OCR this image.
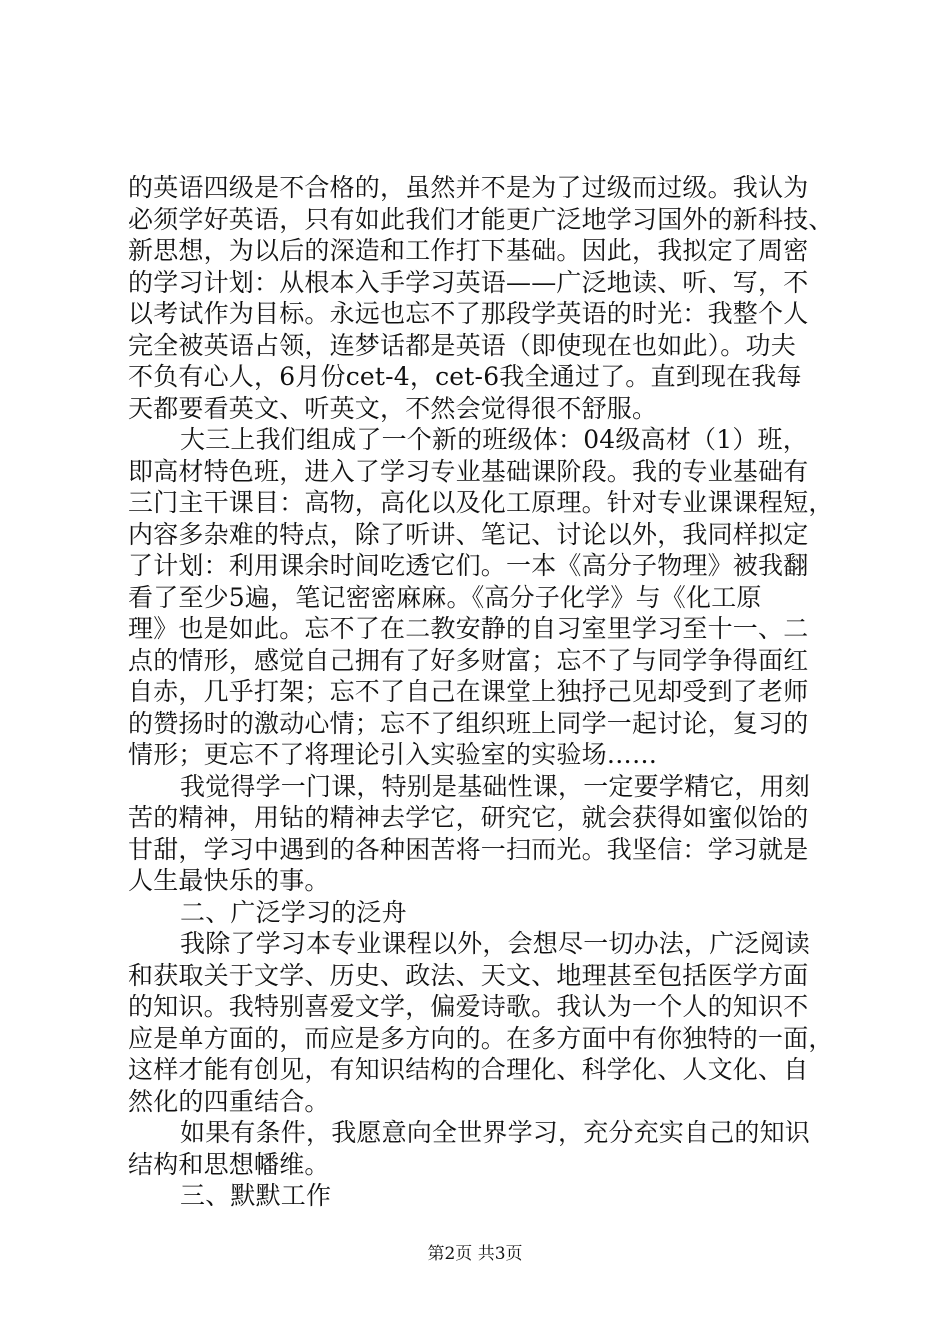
的英语四级是不合格的，虽然并不是为了过级而过级。我认为
必须学好英语，只有如此我们才能更广泛地学习国外的新科技、
新思想，为以后的深造和工作打下基础。因此，我拟定了周密
的学习计划：从根本入手学习英语——广泛地读、听、写，不
以考试作为目标。永远也忘不了那段学英语的时光：我整个人
完全被英语占领，连梦话都是英语（即使现在也如此）。功夫
不负有心人，6月份cet-4，cet-6我全通过了。直到现在我每
天都要看英文、听英文，不然会觉得很不舒服。
大三上我们组成了一个新的班级体：04级高材（1）班，
即高材特色班，进入了学习专业基础课阶段。我的专业基础有
三门主干课目：高物，高化以及化工原理。针对专业课课程短，
内容多杂难的特点，除了听讲、笔记、讨论以外，我同样拟定
了计划：利用课余时间吃透它们。一本《高分子物理》被我翻
看了至少5遍，笔记密密麻麻。《高分子化学》与《化工原
理》也是如此。忘不了在二教安静的自习室里学习至十一、二
点的情形，感觉自己拥有了好多财富；忘不了与同学争得面红
自赤，几乎打架；忘不了自己在课堂上独抒己见却受到了老师
的赞扬时的激动心情；忘不了组织班上同学一起讨论，复习的
情形；更忘不了将理论引入实验室的实验场……
我觉得学一门课，特别是基础性课，一定要学精它，用刻
苦的精神，用钻的精神去学它，研究它，就会获得如蜜似饴的
甘甜，学习中遇到的各种困苦将一扫而光。我坚信：学习就是
人生最快乐的事。
二、广泛学习的泛舟
我除了学习本专业课程以外，会想尽一切办法，广泛阅读
和获取关于文学、历史、政法、天文、地理甚至包括医学方面
的知识。我特别喜爱文学，偏爱诗歌。我认为一个人的知识不
应是单方面的，而应是多方向的。在多方面中有你独特的一面，
这样才能有创见，有知识结构的合理化、科学化、人文化、自
然化的四重结合。
如果有条件，我愿意向全世界学习，充分充实自己的知识
结构和思想幡维。
三、默默工作
第2页 共3页
